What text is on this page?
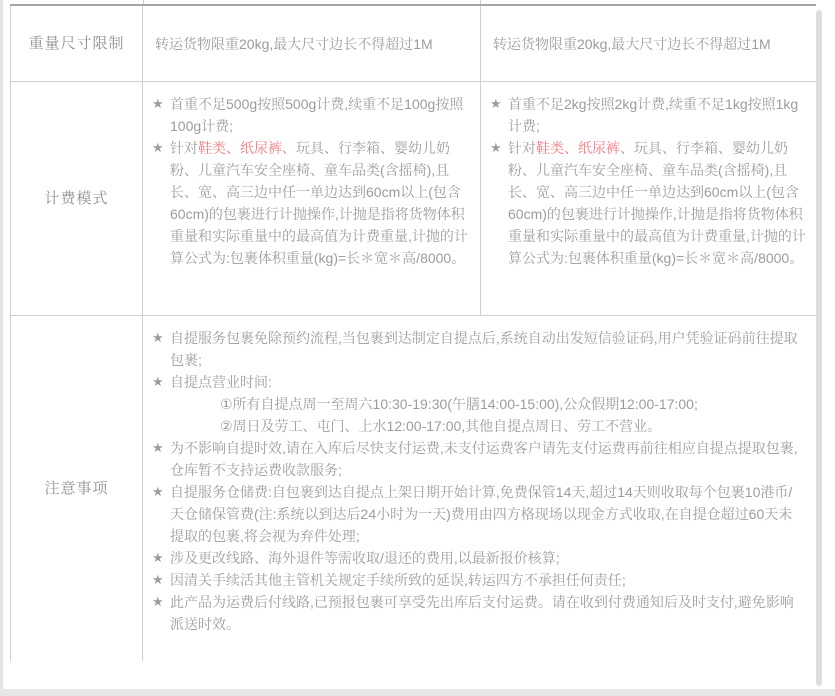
重量尺寸限制	转运货物限重20kg,最大尺寸边长不得超过1M	转运货物限重20kg,最大尺寸边长不得超过1M
计费模式
★ 首重不足500g按照500g计费,续重不足100g按照100g计费;
★ 针对鞋类、纸尿裤、玩具、行李箱、婴幼儿奶粉、儿童汽车安全座椅、童车品类(含摇椅),且长、宽、高三边中任一单边达到60cm以上(包含60cm)的包裹进行计抛操作,计抛是指将货物体积重量和实际重量中的最高值为计费重量,计抛的计算公式为:包裹体积重量(kg)=长＊宽＊高/8000。
★ 首重不足2kg按照2kg计费,续重不足1kg按照1kg计费;
★ 针对鞋类、纸尿裤、玩具、行李箱、婴幼儿奶粉、儿童汽车安全座椅、童车品类(含摇椅),且长、宽、高三边中任一单边达到60cm以上(包含60cm)的包裹进行计抛操作,计抛是指将货物体积重量和实际重量中的最高值为计费重量,计抛的计算公式为:包裹体积重量(kg)=长＊宽＊高/8000。
注意事项
★ 自提服务包裹免除预约流程,当包裹到达制定自提点后,系统自动出发短信验证码,用户凭验证码前往提取包裹;
★ 自提点营业时间:
①所有自提点周一至周六10:30-19:30(午膳14:00-15:00),公众假期12:00-17:00;
②周日及劳工、屯门、上水12:00-17:00,其他自提点周日、劳工不营业。
★ 为不影响自提时效,请在入库后尽快支付运费,未支付运费客户请先支付运费再前往相应自提点提取包裹,仓库暂不支持运费收款服务;
★ 自提服务仓储费:自包裹到达自提点上架日期开始计算,免费保管14天,超过14天则收取每个包裹10港币/天仓储保管费(注:系统以到达后24小时为一天)费用由四方格现场以现金方式收取,在自提仓超过60天未提取的包裹,将会视为弃件处理;
★ 涉及更改线路、海外退件等需收取/退还的费用,以最新报价核算;
★ 因清关手续活其他主管机关规定手续所致的延误,转运四方不承担任何责任;
★ 此产品为运费后付线路,已预报包裹可享受先出库后支付运费。请在收到付费通知后及时支付,避免影响派送时效。
